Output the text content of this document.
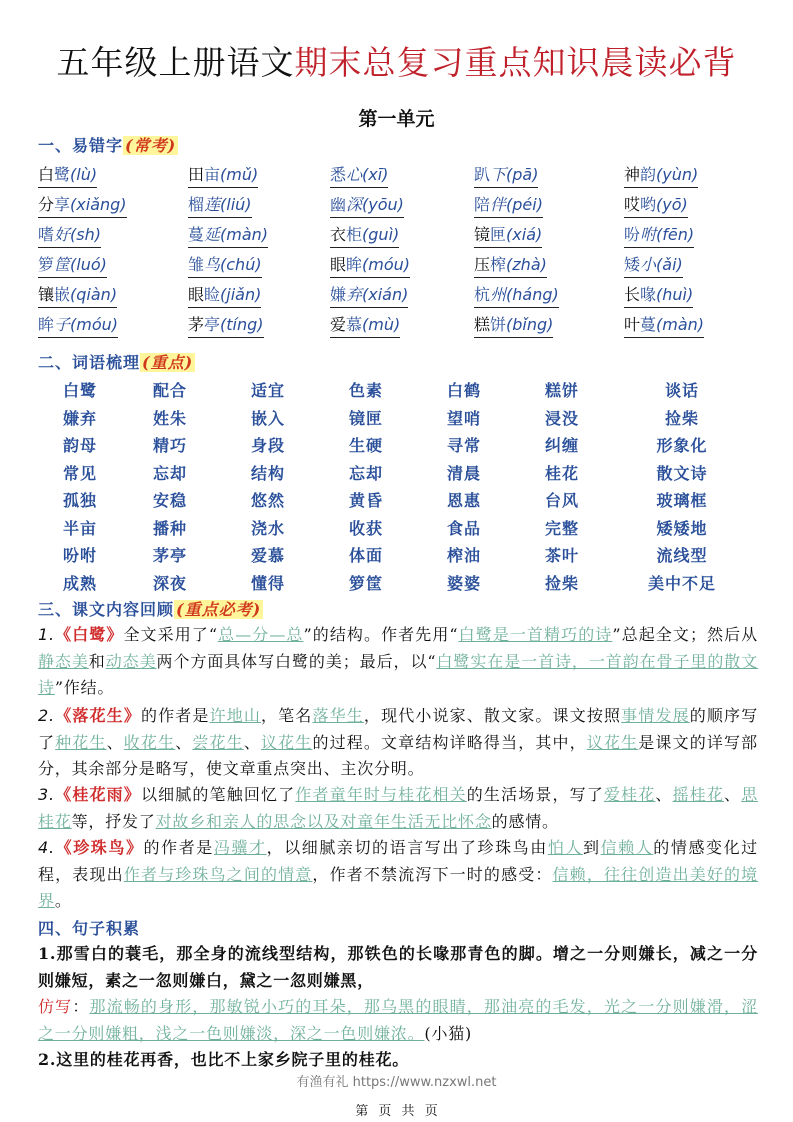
五年级上册语文期末总复习重点知识晨读必背
第一单元
一、易错字 (常考)
白鹭(lù)	田亩(mǔ)	悉心(xī)	趴下(pā)	神韵(yùn)
分享(xiǎng)	榴莲(liú)	幽深(yōu)	陪伴(péi)	哎哟(yō)
嗜好(sh)	蔓延(màn)	衣柜(guì)	镜匣(xiá)	吩咐(fēn)
箩筐(luó)	雏鸟(chú)	眼眸(móu)	压榨(zhà)	矮小(ǎi)
镶嵌(qiàn)	眼睑(jiǎn)	嫌弃(xián)	杭州(háng)	长喙(huì)
眸子(móu)	茅亭(tíng)	爱慕(mù)	糕饼(bǐng)	叶蔓(màn)
二、词语梳理 (重点)
白鹭	配合	适宜	色素	白鹤	糕饼	谈话
嫌弃	姓朱	嵌入	镜匣	望哨	浸没	捡柴
韵母	精巧	身段	生硬	寻常	纠缠	形象化
常见	忘却	结构	忘却	清晨	桂花	散文诗
孤独	安稳	悠然	黄昏	恩惠	台风	玻璃框
半亩	播种	浇水	收获	食品	完整	矮矮地
吩咐	茅亭	爱慕	体面	榨油	茶叶	流线型
成熟	深夜	懂得	箩筐	婆婆	捡柴	美中不足
三、课文内容回顾 (重点必考)
1.《白鹭》全文采用了“总—分—总”的结构。作者先用“白鹭是一首精巧的诗”总起全文；然后从静态美和动态美两个方面具体写白鹭的美；最后，以“白鹭实在是一首诗，一首韵在骨子里的散文诗”作结。
2.《落花生》的作者是许地山，笔名落华生，现代小说家、散文家。课文按照事情发展的顺序写了种花生、收花生、尝花生、议花生的过程。文章结构详略得当，其中，议花生是课文的详写部分，其余部分是略写，使文章重点突出、主次分明。
3.《桂花雨》以细腻的笔触回忆了作者童年时与桂花相关的生活场景，写了爱桂花、摇桂花、思桂花等，抒发了对故乡和亲人的思念以及对童年生活无比怀念的感情。
4.《珍珠鸟》的作者是冯骥才，以细腻亲切的语言写出了珍珠鸟由怕人到信赖人的情感变化过程，表现出作者与珍珠鸟之间的情意，作者不禁流泻下一时的感受：信赖，往往创造出美好的境界。
四、句子积累
1.那雪白的蓑毛，那全身的流线型结构，那铁色的长喙那青色的脚。增之一分则嫌长，减之一分则嫌短，素之一忽则嫌白，黛之一忽则嫌黑，
仿写：那流畅的身形，那敏锐小巧的耳朵，那乌黑的眼睛，那油亮的毛发，光之一分则嫌滑，涩之一分则嫌粗，浅之一色则嫌淡，深之一色则嫌浓。(小猫)
2.这里的桂花再香，也比不上家乡院子里的桂花。
有渔有礼 https://www.nzxwl.net
第 页 共 页
